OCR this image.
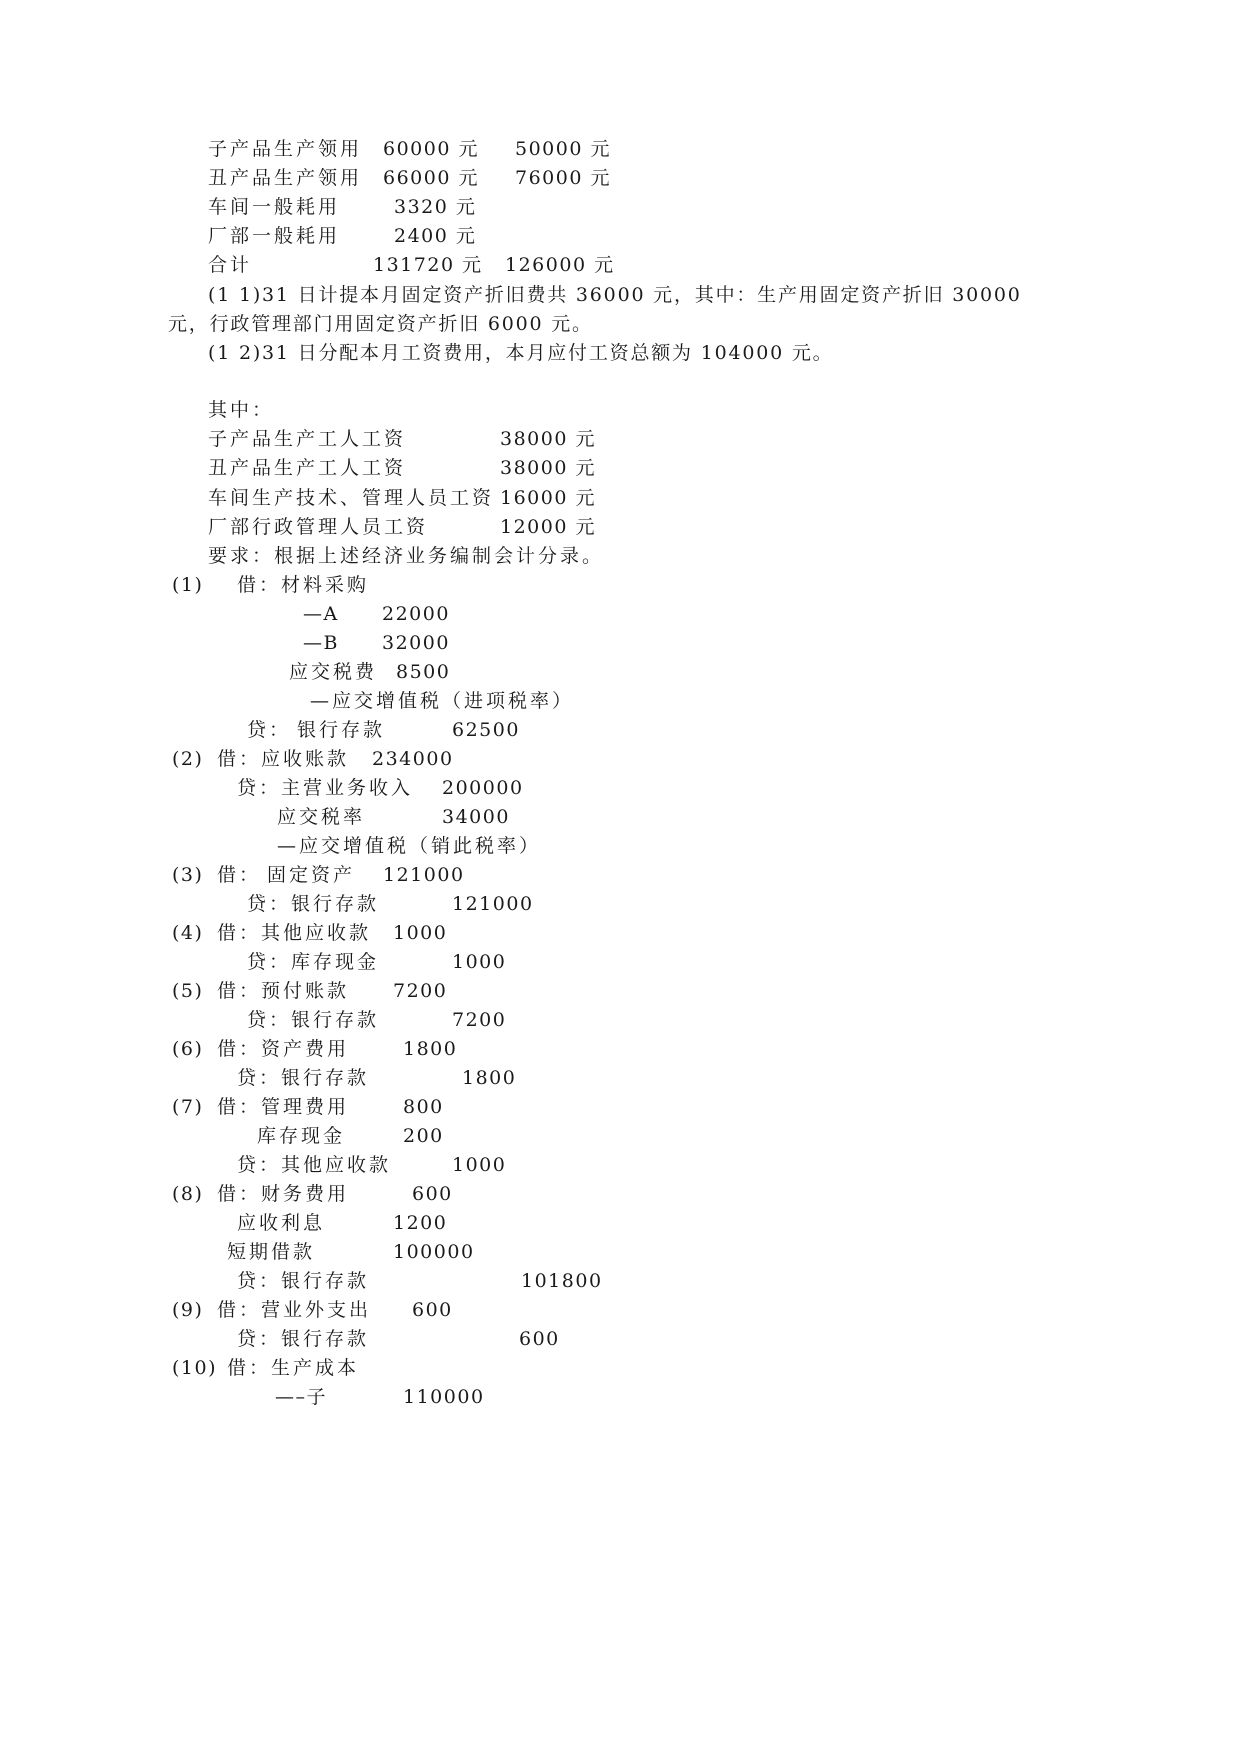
子产品生产领用 60000 元 50000 元
丑产品生产领用 66000 元 76000 元
车间一般耗用	3320 元
厂部一般耗用	2400 元
合计	131720 元 126000 元
(1 1)31 日计提本月固定资产折旧费共 36000 元，其中：生产用固定资产折旧 30000
元，行政管理部门用固定资产折旧 6000 元。
(1 2)31 日分配本月工资费用，本月应付工资总额为 104000 元。
其中：
子产品生产工人工资	38000 元
丑产品生产工人工资	38000 元
车间生产技术、管理人员工资 16000 元
厂部行政管理人员工资	12000 元
要求：根据上述经济业务编制会计分录。
(1) 借：材料采购
—A 22000
—B 32000
应交税费 8500
—应交增值税（进项税率）
贷： 银行存款	62500
(2) 借：应收账款 234000
贷：主营业务收入 200000
应交税率	34000
—应交增值税（销此税率）
(3) 借： 固定资产 121000
贷：银行存款	121000
(4) 借：其他应收款 1000
贷：库存现金	1000
(5) 借：预付账款 7200
贷：银行存款	7200
(6) 借：资产费用	1800
贷：银行存款	1800
(7) 借：管理费用	800
库存现金	200
贷：其他应收款	1000
(8) 借：财务费用	600
应收利息	1200
短期借款	100000
贷：银行存款	101800
(9) 借：营业外支出 600
贷：银行存款	600
(10) 借：生产成本
—–子	110000
